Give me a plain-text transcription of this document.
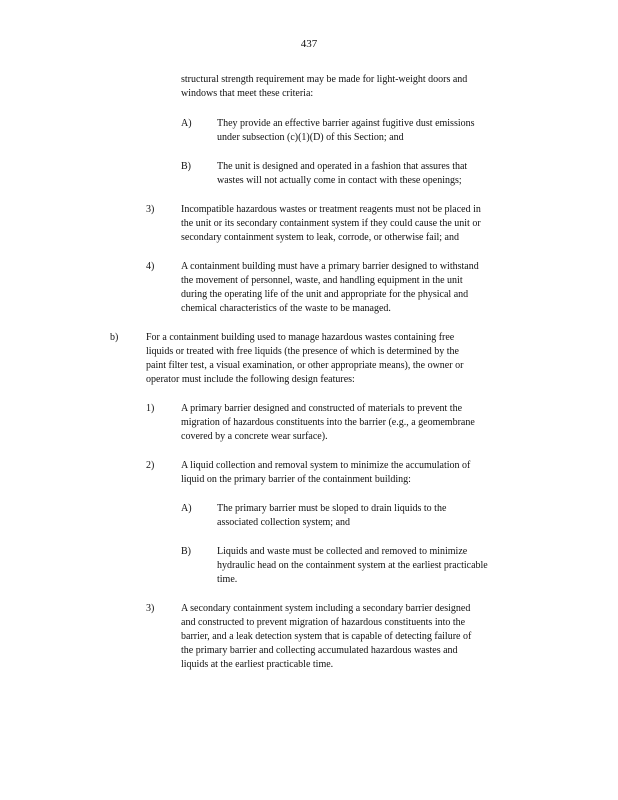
437
structural strength requirement may be made for light-weight doors and
windows that meet these criteria:
A)	They provide an effective barrier against fugitive dust emissions
under subsection (c)(1)(D) of this Section; and
B)	The unit is designed and operated in a fashion that assures that
wastes will not actually come in contact with these openings;
3)	Incompatible hazardous wastes or treatment reagents must not be placed in
the unit or its secondary containment system if they could cause the unit or
secondary containment system to leak, corrode, or otherwise fail; and
4)	A containment building must have a primary barrier designed to withstand
the movement of personnel, waste, and handling equipment in the unit
during the operating life of the unit and appropriate for the physical and
chemical characteristics of the waste to be managed.
b)	For a containment building used to manage hazardous wastes containing free
liquids or treated with free liquids (the presence of which is determined by the
paint filter test, a visual examination, or other appropriate means), the owner or
operator must include the following design features:
1)	A primary barrier designed and constructed of materials to prevent the
migration of hazardous constituents into the barrier (e.g., a geomembrane
covered by a concrete wear surface).
2)	A liquid collection and removal system to minimize the accumulation of
liquid on the primary barrier of the containment building:
A)	The primary barrier must be sloped to drain liquids to the
associated collection system; and
B)	Liquids and waste must be collected and removed to minimize
hydraulic head on the containment system at the earliest practicable
time.
3)	A secondary containment system including a secondary barrier designed
and constructed to prevent migration of hazardous constituents into the
barrier, and a leak detection system that is capable of detecting failure of
the primary barrier and collecting accumulated hazardous wastes and
liquids at the earliest practicable time.
